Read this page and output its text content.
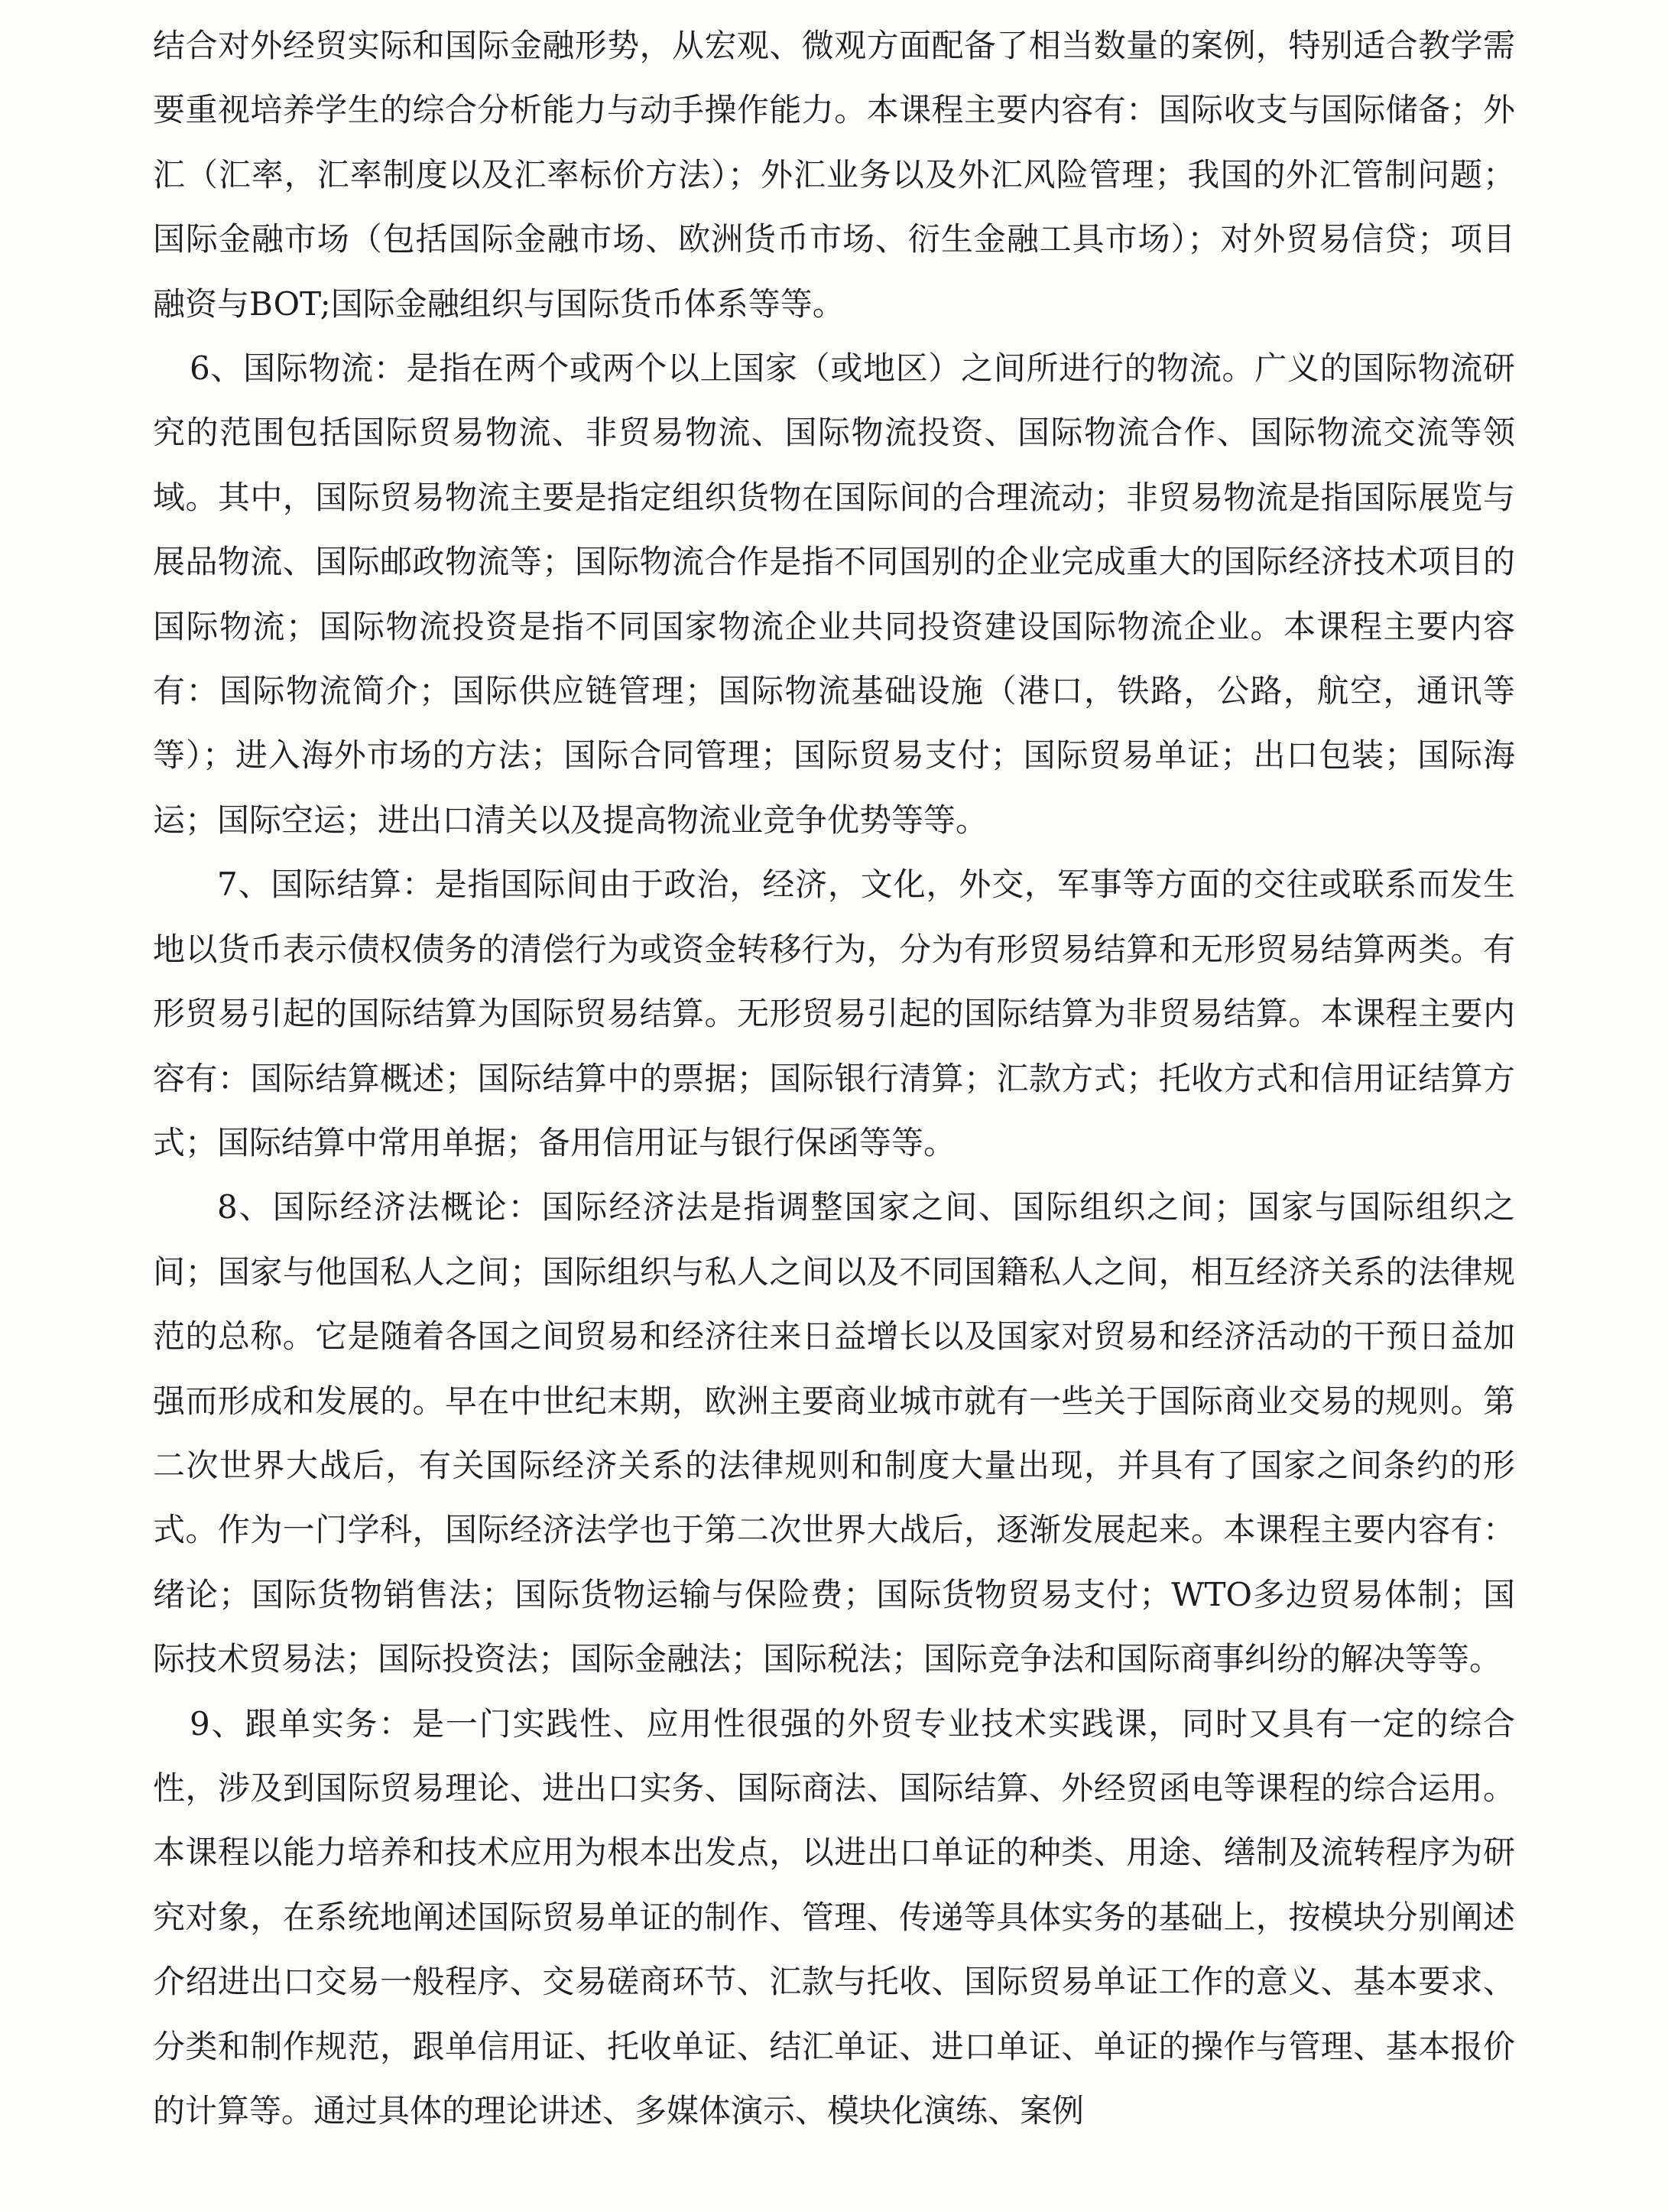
结合对外经贸实际和国际金融形势，从宏观、微观方面配备了相当数量的案例，特别适合教学需要重视培养学生的综合分析能力与动手操作能力。本课程主要内容有：国际收支与国际储备；外汇（汇率，汇率制度以及汇率标价方法）；外汇业务以及外汇风险管理；我国的外汇管制问题；国际金融市场（包括国际金融市场、欧洲货币市场、衍生金融工具市场）；对外贸易信贷；项目融资与BOT;国际金融组织与国际货币体系等等。

6、国际物流：是指在两个或两个以上国家（或地区）之间所进行的物流。广义的国际物流研究的范围包括国际贸易物流、非贸易物流、国际物流投资、国际物流合作、国际物流交流等领域。其中，国际贸易物流主要是指定组织货物在国际间的合理流动；非贸易物流是指国际展览与展品物流、国际邮政物流等；国际物流合作是指不同国别的企业完成重大的国际经济技术项目的国际物流；国际物流投资是指不同国家物流企业共同投资建设国际物流企业。本课程主要内容有：国际物流简介；国际供应链管理；国际物流基础设施（港口，铁路，公路，航空，通讯等等）；进入海外市场的方法；国际合同管理；国际贸易支付；国际贸易单证；出口包装；国际海运；国际空运；进出口清关以及提高物流业竞争优势等等。

7、国际结算：是指国际间由于政治，经济，文化，外交，军事等方面的交往或联系而发生地以货币表示债权债务的清偿行为或资金转移行为，分为有形贸易结算和无形贸易结算两类。有形贸易引起的国际结算为国际贸易结算。无形贸易引起的国际结算为非贸易结算。本课程主要内容有：国际结算概述；国际结算中的票据；国际银行清算；汇款方式；托收方式和信用证结算方式；国际结算中常用单据；备用信用证与银行保函等等。

8、国际经济法概论：国际经济法是指调整国家之间、国际组织之间；国家与国际组织之间；国家与他国私人之间；国际组织与私人之间以及不同国籍私人之间，相互经济关系的法律规范的总称。它是随着各国之间贸易和经济往来日益增长以及国家对贸易和经济活动的干预日益加强而形成和发展的。早在中世纪末期，欧洲主要商业城市就有一些关于国际商业交易的规则。第二次世界大战后，有关国际经济关系的法律规则和制度大量出现，并具有了国家之间条约的形式。作为一门学科，国际经济法学也于第二次世界大战后，逐渐发展起来。本课程主要内容有：绪论；国际货物销售法；国际货物运输与保险费；国际货物贸易支付；WTO多边贸易体制；国际技术贸易法；国际投资法；国际金融法；国际税法；国际竞争法和国际商事纠纷的解决等等。

9、跟单实务：是一门实践性、应用性很强的外贸专业技术实践课，同时又具有一定的综合性，涉及到国际贸易理论、进出口实务、国际商法、国际结算、外经贸函电等课程的综合运用。本课程以能力培养和技术应用为根本出发点，以进出口单证的种类、用途、缮制及流转程序为研究对象，在系统地阐述国际贸易单证的制作、管理、传递等具体实务的基础上，按模块分别阐述介绍进出口交易一般程序、交易磋商环节、汇款与托收、国际贸易单证工作的意义、基本要求、分类和制作规范，跟单信用证、托收单证、结汇单证、进口单证、单证的操作与管理、基本报价的计算等。通过具体的理论讲述、多媒体演示、模块化演练、案例
